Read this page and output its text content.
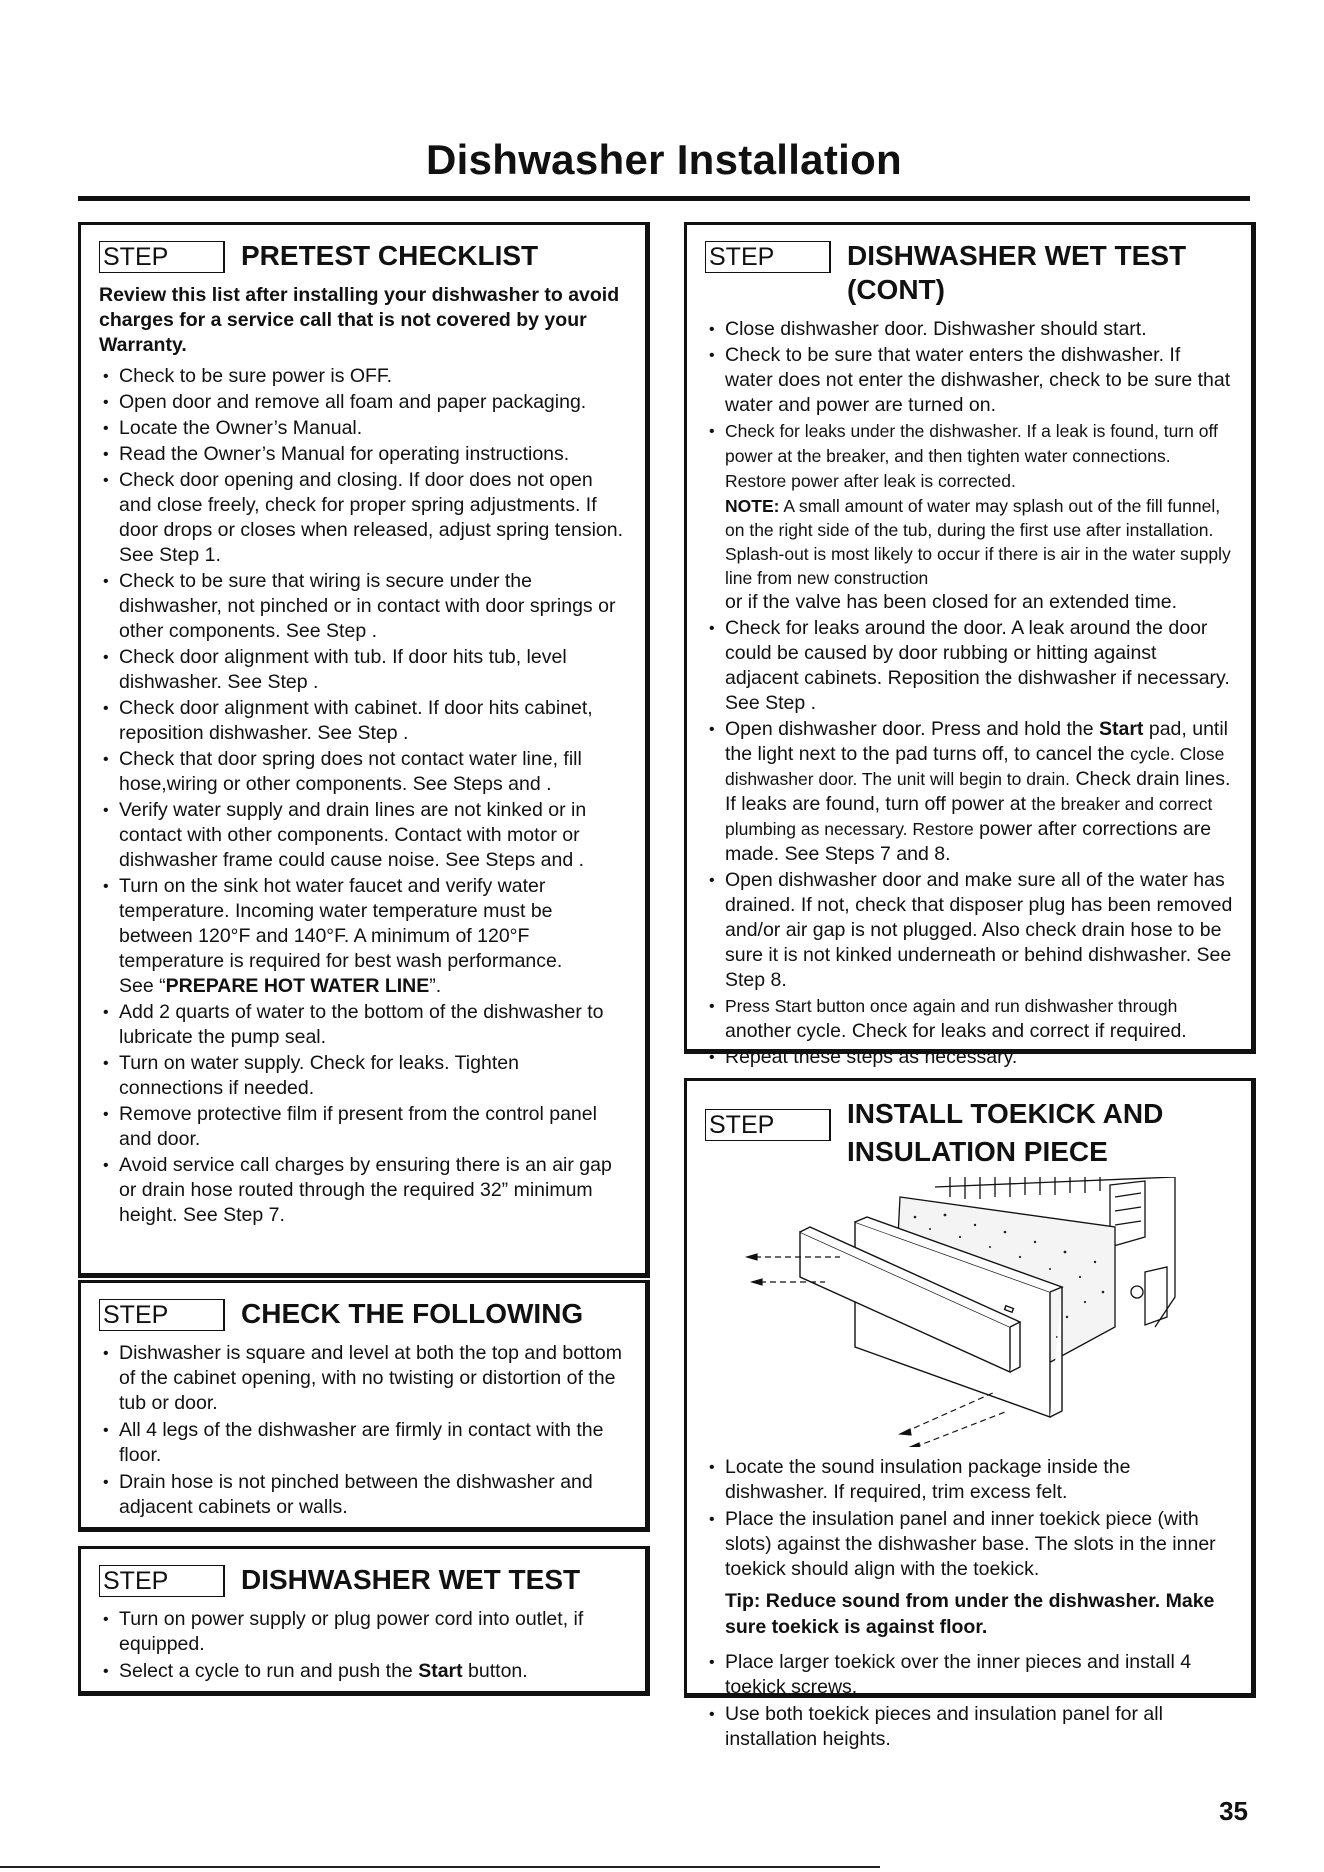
Dishwasher Installation
STEP	PRETEST CHECKLIST
Review this list after installing your dishwasher to avoid charges for a service call that is not covered by your Warranty.
• Check to be sure power is OFF.
• Open door and remove all foam and paper packaging.
• Locate the Owner’s Manual.
• Read the Owner’s Manual for operating instructions.
• Check door opening and closing. If door does not open and close freely, check for proper spring adjustments. If door drops or closes when released, adjust spring tension. See Step 1.
• Check to be sure that wiring is secure under the dishwasher, not pinched or in contact with door springs or other components. See Step .
• Check door alignment with tub. If door hits tub, level dishwasher. See Step .
• Check door alignment with cabinet. If door hits cabinet, reposition dishwasher. See Step .
• Check that door spring does not contact water line, fill hose,wiring or other components. See Steps and .
• Verify water supply and drain lines are not kinked or in contact with other components. Contact with motor or dishwasher frame could cause noise. See Steps and .
• Turn on the sink hot water faucet and verify water temperature. Incoming water temperature must be between 120°F and 140°F. A minimum of 120°F temperature is required for best wash performance.
See “PREPARE HOT WATER LINE”.
• Add 2 quarts of water to the bottom of the dishwasher to lubricate the pump seal.
• Turn on water supply. Check for leaks. Tighten connections if needed.
• Remove protective film if present from the control panel and door.
• Avoid service call charges by ensuring there is an air gap or drain hose routed through the required 32” minimum height. See Step 7.
STEP	CHECK THE FOLLOWING
• Dishwasher is square and level at both the top and bottom of the cabinet opening, with no twisting or distortion of the tub or door.
• All 4 legs of the dishwasher are firmly in contact with the floor.
• Drain hose is not pinched between the dishwasher and adjacent cabinets or walls.
STEP	DISHWASHER WET TEST
• Turn on power supply or plug power cord into outlet, if equipped.
• Select a cycle to run and push the Start button.
STEP	DISHWASHER WET TEST
(CONT)
• Close dishwasher door. Dishwasher should start.
• Check to be sure that water enters the dishwasher. If water does not enter the dishwasher, check to be sure that water and power are turned on.
• Check for leaks under the dishwasher. If a leak is found, turn off power at the breaker, and then tighten water connections. Restore power after leak is corrected.
NOTE: A small amount of water may splash out of the fill funnel, on the right side of the tub, during the first use after installation. Splash-out is most likely to occur if there is air in the water supply line from new construction
or if the valve has been closed for an extended time.
• Check for leaks around the door. A leak around the door could be caused by door rubbing or hitting against adjacent cabinets. Reposition the dishwasher if necessary. See Step .
• Open dishwasher door. Press and hold the Start pad, until the light next to the pad turns off, to cancel the cycle. Close dishwasher door. The unit will begin to drain. Check drain lines. If leaks are found, turn off power at the breaker and correct plumbing as necessary. Restore power after corrections are made. See Steps 7 and 8.
• Open dishwasher door and make sure all of the water has drained. If not, check that disposer plug has been removed and/or air gap is not plugged. Also check drain hose to be sure it is not kinked underneath or behind dishwasher. See Step 8.
• Press Start button once again and run dishwasher through another cycle. Check for leaks and correct if required.
• Repeat these steps as necessary.
STEP	INSTALL TOEKICK AND
INSULATION PIECE
• Locate the sound insulation package inside the dishwasher. If required, trim excess felt.
• Place the insulation panel and inner toekick piece (with slots) against the dishwasher base. The slots in the inner toekick should align with the toekick.
Tip: Reduce sound from under the dishwasher. Make sure toekick is against floor.
• Place larger toekick over the inner pieces and install 4 toekick screws.
• Use both toekick pieces and insulation panel for all installation heights.
35
